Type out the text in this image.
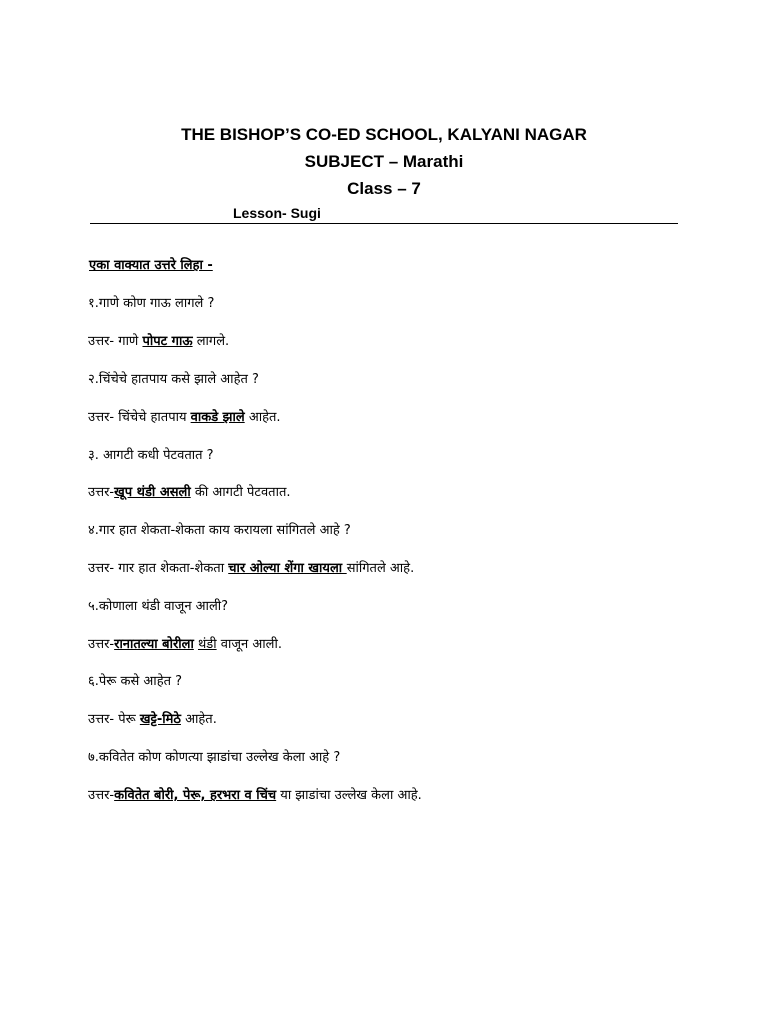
THE BISHOP’S CO-ED SCHOOL, KALYANI NAGAR
SUBJECT – Marathi
Class – 7
Lesson- Sugi
एका वाक्यात उत्तरे लिहा -
१.गाणे कोण गाऊ लागले ?
उत्तर- गाणे पोपट गाऊ लागले.
२.चिंचेचे हातपाय कसे झाले आहेत ?
उत्तर- चिंचेचे हातपाय वाकडे झाले आहेत.
३. आगटी कधी पेटवतात ?
उत्तर-खूप थंडी असली की आगटी पेटवतात.
४.गार हात शेकता-शेकता काय करायला सांगितले आहे ?
उत्तर- गार हात शेकता-शेकता चार ओल्या शेंगा खायला सांगितले आहे.
५.कोणाला थंडी वाजून आली?
उत्तर-रानातल्या बोरीला थंडी वाजून आली.
६.पेरू कसे आहेत ?
उत्तर- पेरू खट्टे-मिठे आहेत.
७.कवितेत कोण कोणत्या झाडांचा उल्लेख केला आहे ?
उत्तर-कवितेत बोरी, पेरू, हरभरा व चिंच या झाडांचा उल्लेख केला आहे.
